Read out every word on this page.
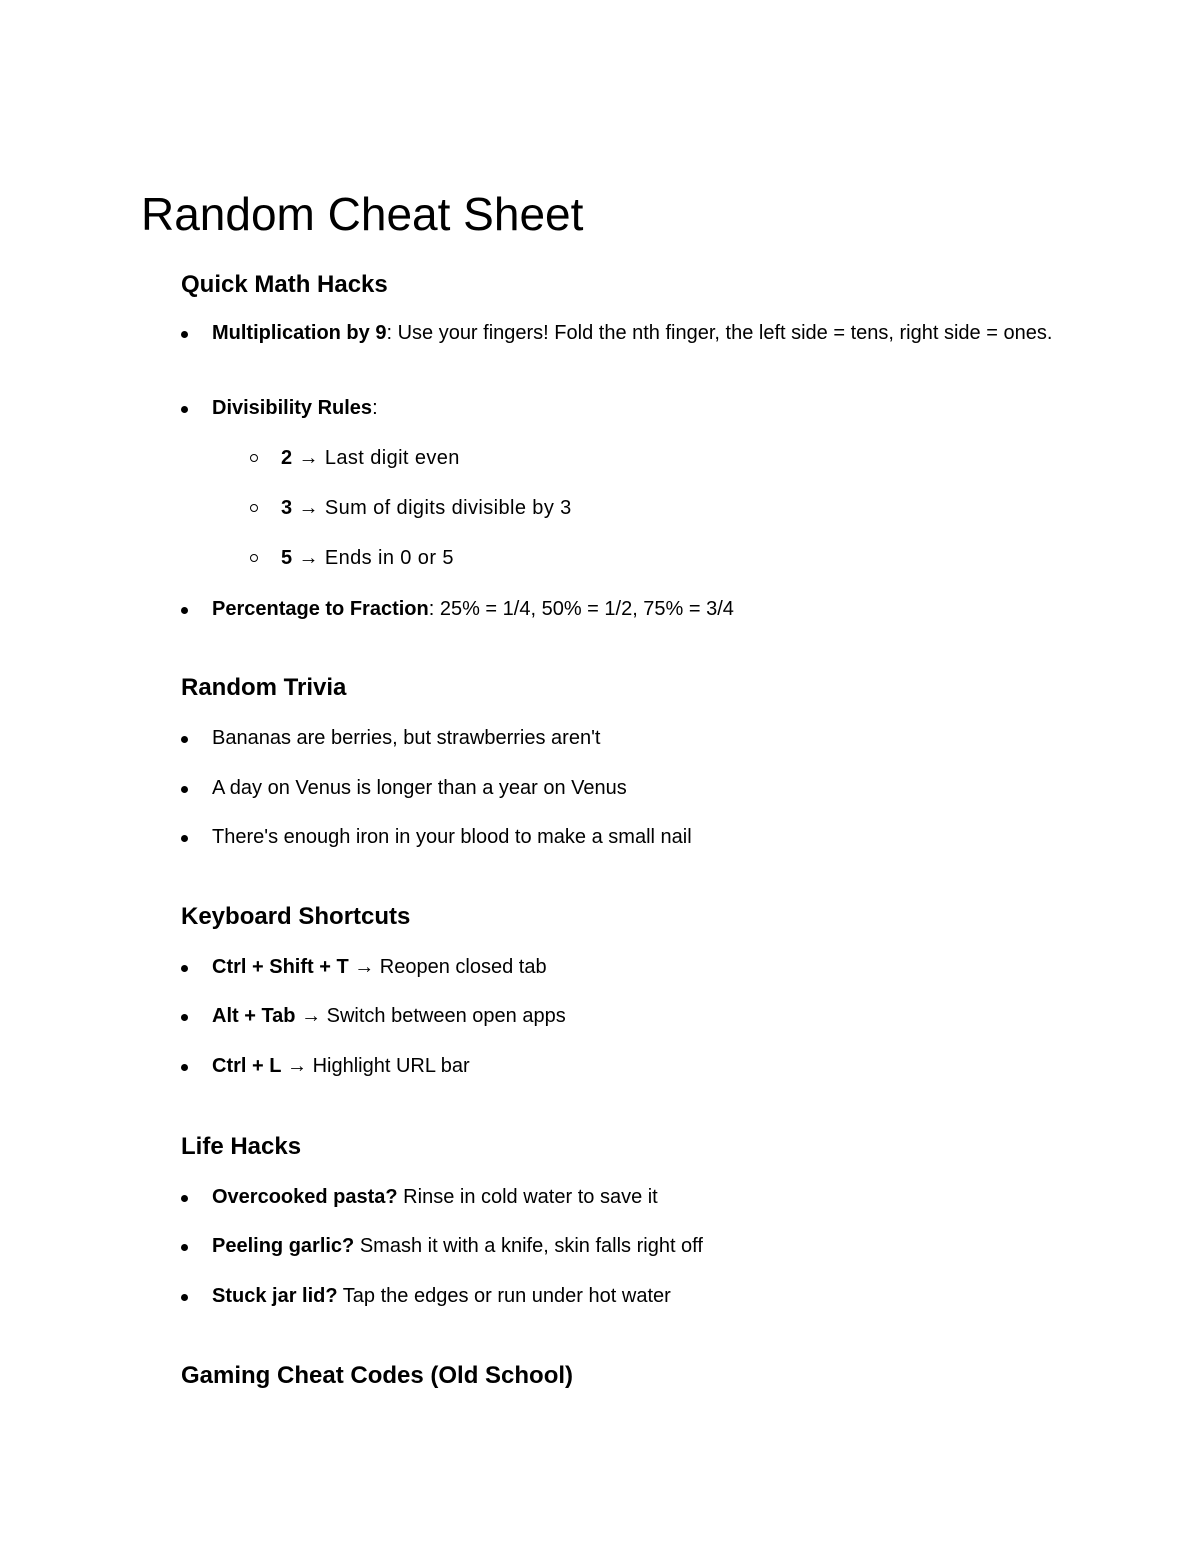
Random Cheat Sheet
Quick Math Hacks
Multiplication by 9: Use your fingers! Fold the nth finger, the left side = tens, right side = ones.
Divisibility Rules:
2 → Last digit even
3 → Sum of digits divisible by 3
5 → Ends in 0 or 5
Percentage to Fraction: 25% = 1/4, 50% = 1/2, 75% = 3/4
Random Trivia
Bananas are berries, but strawberries aren't
A day on Venus is longer than a year on Venus
There's enough iron in your blood to make a small nail
Keyboard Shortcuts
Ctrl + Shift + T → Reopen closed tab
Alt + Tab → Switch between open apps
Ctrl + L → Highlight URL bar
Life Hacks
Overcooked pasta? Rinse in cold water to save it
Peeling garlic? Smash it with a knife, skin falls right off
Stuck jar lid? Tap the edges or run under hot water
Gaming Cheat Codes (Old School)
